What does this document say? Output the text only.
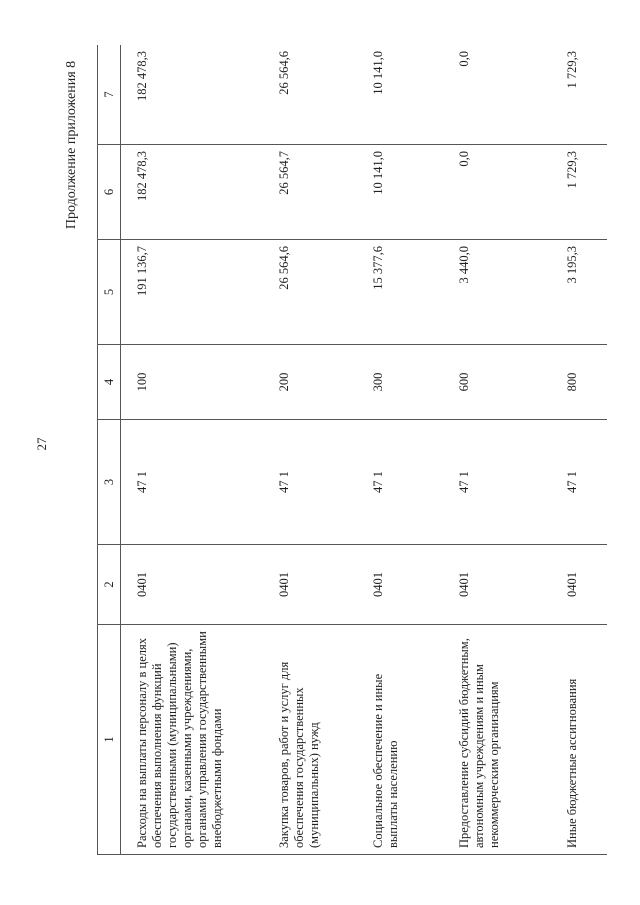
27
Продолжение приложения 8
1	2	3	4	5	6	7
Расходы на выплаты персоналу в целях обеспечения выполнения функций государственными (муниципальными) органами, казенными учреждениями, органами управления государственными внебюджетными фондами	0401	47 1	100	191 136,7	182 478,3	182 478,3
Закупка товаров, работ и услуг для обеспечения государственных (муниципальных) нужд	0401	47 1	200	26 564,6	26 564,7	26 564,6
Социальное обеспечение и иные выплаты населению	0401	47 1	300	15 377,6	10 141,0	10 141,0
Предоставление субсидий бюджетным, автономным учреждениям и иным некоммерческим организациям	0401	47 1	600	3 440,0	0,0	0,0
Иные бюджетные ассигнования	0401	47 1	800	3 195,3	1 729,3	1 729,3
